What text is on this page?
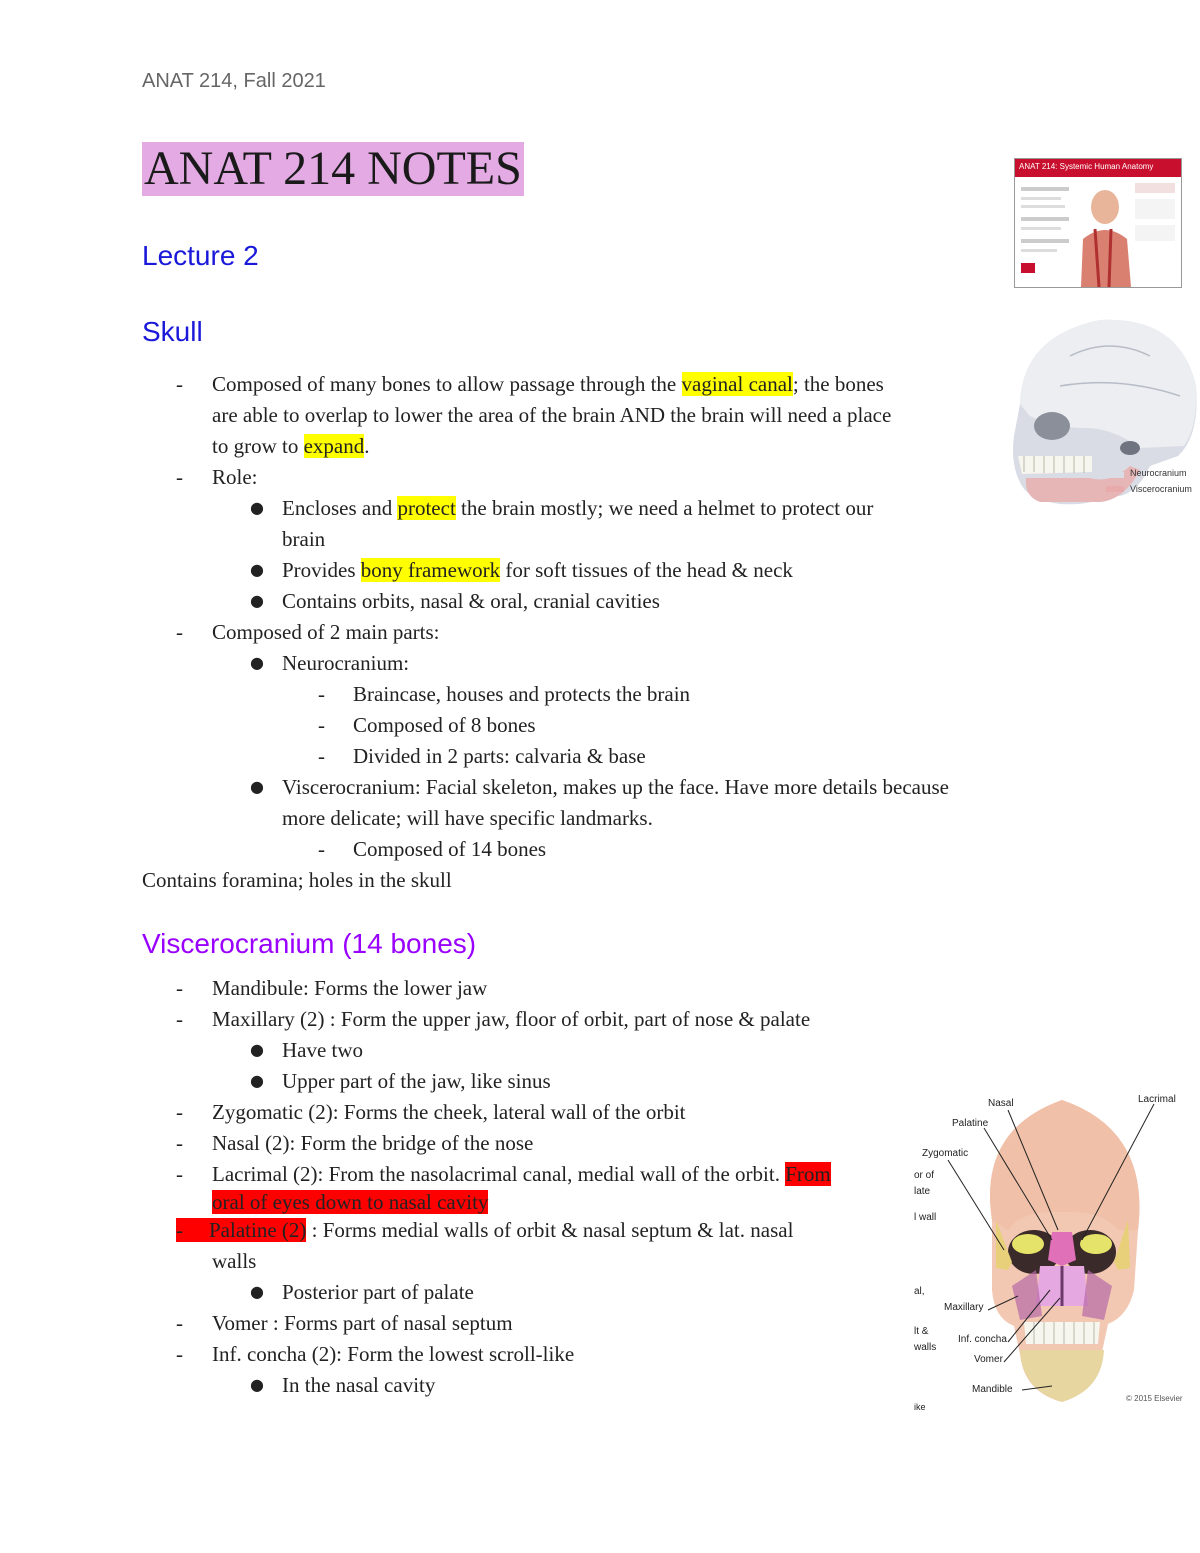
ANAT 214, Fall 2021
ANAT 214 NOTES
Lecture 2
Skull
- Composed of many bones to allow passage through the vaginal canal; the bones
are able to overlap to lower the area of the brain AND the brain will need a place
to grow to expand.
- Role:
● Encloses and protect the brain mostly; we need a helmet to protect our
brain
● Provides bony framework for soft tissues of the head & neck
● Contains orbits, nasal & oral, cranial cavities
- Composed of 2 main parts:
● Neurocranium:
- Braincase, houses and protects the brain
- Composed of 8 bones
- Divided in 2 parts: calvaria & base
● Viscerocranium: Facial skeleton, makes up the face. Have more details because
more delicate; will have specific landmarks.
- Composed of 14 bones
Contains foramina; holes in the skull
Viscerocranium (14 bones)
- Mandibule: Forms the lower jaw
- Maxillary (2) : Form the upper jaw, floor of orbit, part of nose & palate
● Have two
● Upper part of the jaw, like sinus
- Zygomatic (2): Forms the cheek, lateral wall of the orbit
- Nasal (2): Form the bridge of the nose
- Lacrimal (2): From the nasolacrimal canal, medial wall of the orbit. From
oral of eyes down to nasal cavity
- Palatine (2) : Forms medial walls of orbit & nasal septum & lat. nasal
walls
● Posterior part of palate
- Vomer : Forms part of nasal septum
- Inf. concha (2): Form the lowest scroll-like
● In the nasal cavity
ANAT 214: Systemic Human Anatomy
Neurocranium
Viscerocranium
Nasal	Lacrimal
Palatine
Zygomatic
Maxillary
Inf. concha
Vomer
Mandible
or of
late
l wall
al,
lt &
walls
ike
© 2015 Elsevier
